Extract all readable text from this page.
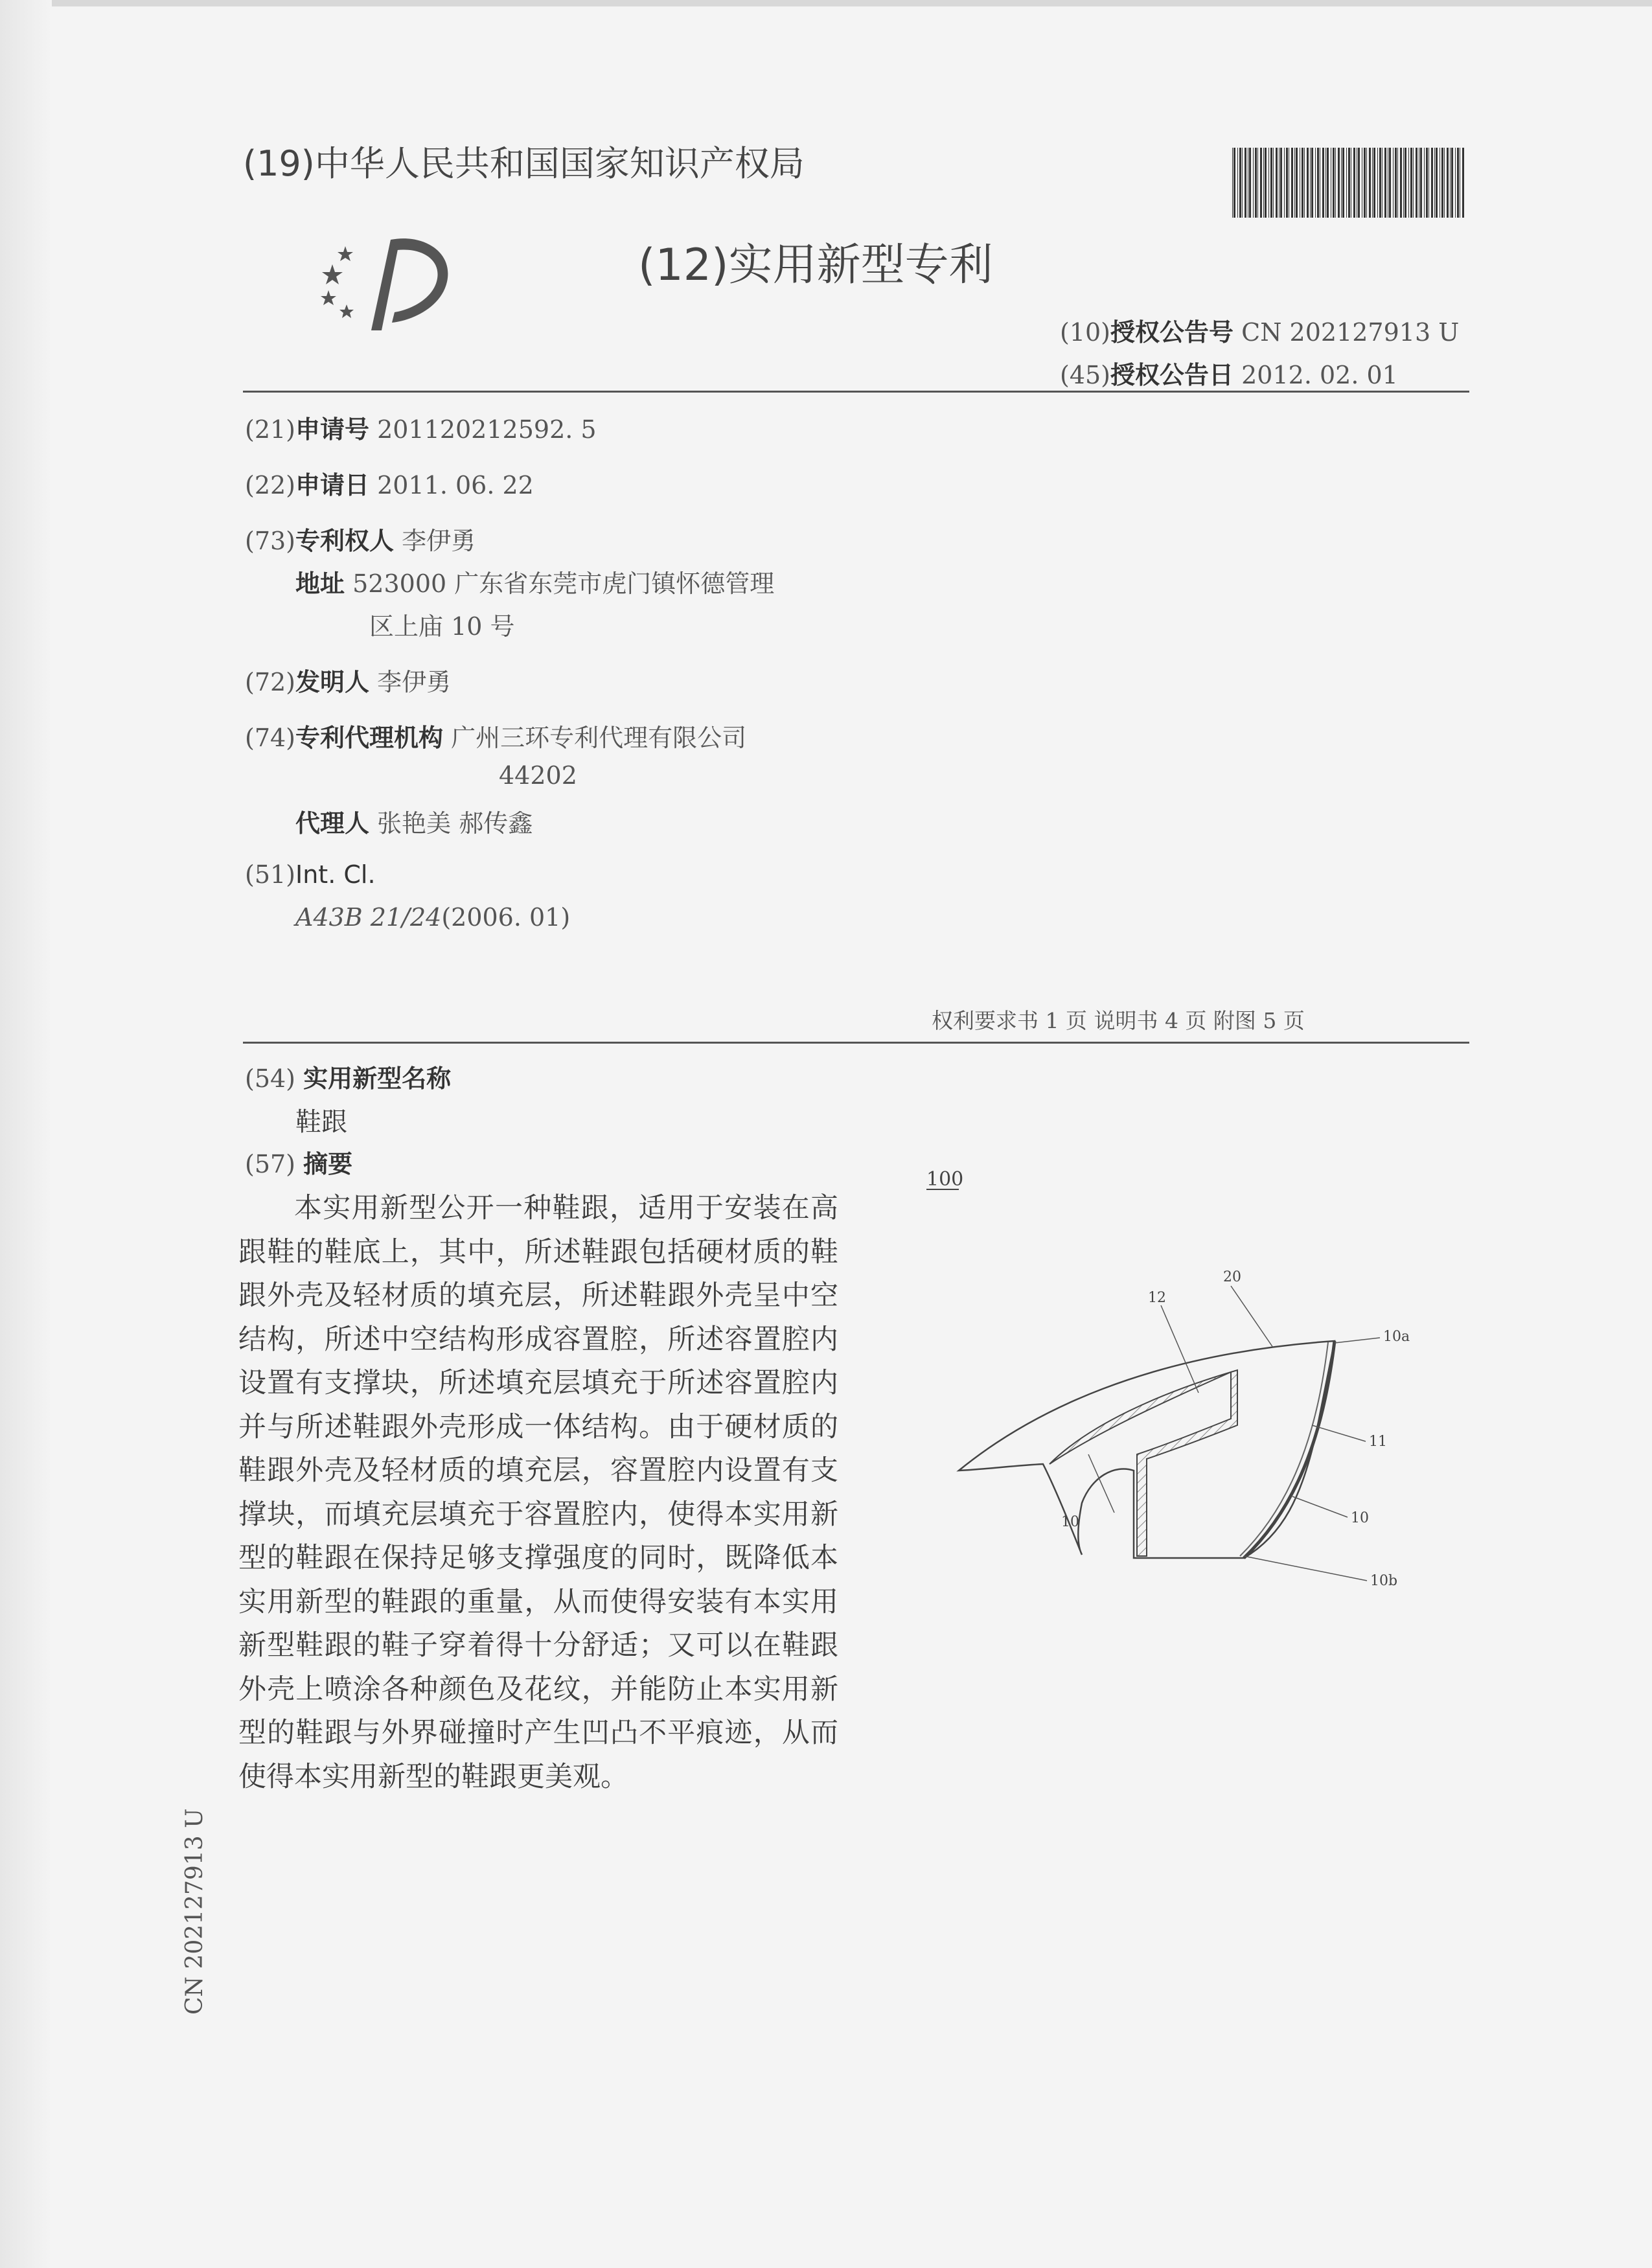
(19)中华人民共和国国家知识产权局
(12)实用新型专利
(10)授权公告号 CN 202127913 U
(45)授权公告日 2012. 02. 01
(21)申请号 201120212592. 5
(22)申请日 2011. 06. 22
(73)专利权人 李伊勇
地址 523000 广东省东莞市虎门镇怀德管理
区上庙 10 号
(72)发明人 李伊勇
(74)专利代理机构 广州三环专利代理有限公司
44202
代理人 张艳美 郝传鑫
(51)Int. Cl.
A43B 21/24(2006. 01)
权利要求书 1 页 说明书 4 页 附图 5 页
(54) 实用新型名称
鞋跟
(57) 摘要

本实用新型公开一种鞋跟，适用于安装在高跟鞋的鞋底上，其中，所述鞋跟包括硬材质的鞋跟外壳及轻材质的填充层，所述鞋跟外壳呈中空结构，所述中空结构形成容置腔，所述容置腔内设置有支撑块，所述填充层填充于所述容置腔内并与所述鞋跟外壳形成一体结构。由于硬材质的鞋跟外壳及轻材质的填充层，容置腔内设置有支撑块，而填充层填充于容置腔内，使得本实用新型的鞋跟在保持足够支撑强度的同时，既降低本实用新型的鞋跟的重量，从而使得安装有本实用新型鞋跟的鞋子穿着得十分舒适；又可以在鞋跟外壳上喷涂各种颜色及花纹，并能防止本实用新型的鞋跟与外界碰撞时产生凹凸不平痕迹，从而使得本实用新型的鞋跟更美观。

100
12
20
10a
11
10
10
10b
CN 202127913 U
